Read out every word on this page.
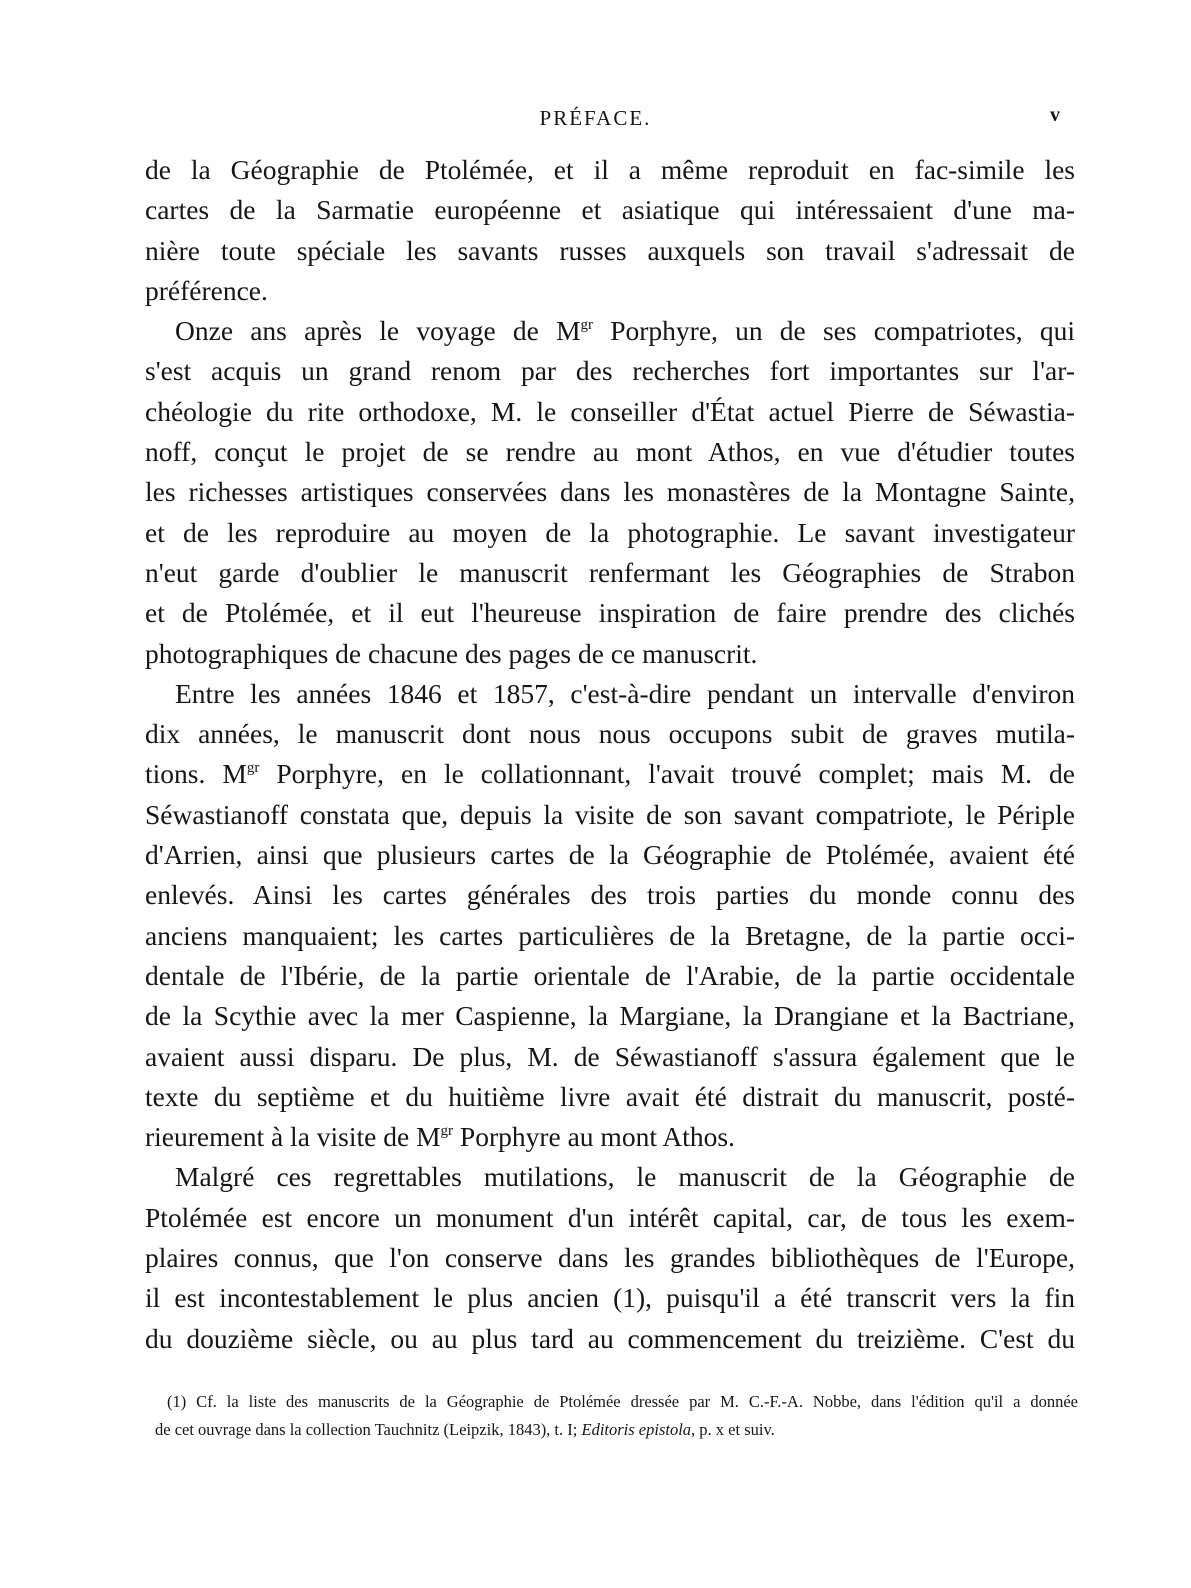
PRÉFACE.	v

de la Géographie de Ptolémée, et il a même reproduit en fac-simile les
cartes de la Sarmatie européenne et asiatique qui intéressaient d'une ma-
nière toute spéciale les savants russes auxquels son travail s'adressait de
préférence.

Onze ans après le voyage de $M^{gr}$ Porphyre, un de ses compatriotes, qui
s'est acquis un grand renom par des recherches fort importantes sur l'ar-
chéologie du rite orthodoxe, M. le conseiller d'État actuel Pierre de Séwastia-
noff, conçut le projet de se rendre au mont Athos, en vue d'étudier toutes
les richesses artistiques conservées dans les monastères de la Montagne Sainte,
et de les reproduire au moyen de la photographie. Le savant investigateur
n'eut garde d'oublier le manuscrit renfermant les Géographies de Strabon
et de Ptolémée, et il eut l'heureuse inspiration de faire prendre des clichés
photographiques de chacune des pages de ce manuscrit.

Entre les années 1846 et 1857, c'est-à-dire pendant un intervalle d'environ
dix années, le manuscrit dont nous nous occupons subit de graves mutila-
tions. $M^{gr}$ Porphyre, en le collationnant, l'avait trouvé complet; mais M. de
Séwastianoff constata que, depuis la visite de son savant compatriote, le Périple
d'Arrien, ainsi que plusieurs cartes de la Géographie de Ptolémée, avaient été
enlevés. Ainsi les cartes générales des trois parties du monde connu des
anciens manquaient; les cartes particulières de la Bretagne, de la partie occi-
dentale de l'Ibérie, de la partie orientale de l'Arabie, de la partie occidentale
de la Scythie avec la mer Caspienne, la Margiane, la Drangiane et la Bactriane,
avaient aussi disparu. De plus, M. de Séwastianoff s'assura également que le
texte du septième et du huitième livre avait été distrait du manuscrit, posté-
rieurement à la visite de $M^{gr}$ Porphyre au mont Athos.

Malgré ces regrettables mutilations, le manuscrit de la Géographie de
Ptolémée est encore un monument d'un intérêt capital, car, de tous les exem-
plaires connus, que l'on conserve dans les grandes bibliothèques de l'Europe,
il est incontestablement le plus ancien (1), puisqu'il a été transcrit vers la fin
du douzième siècle, ou au plus tard au commencement du treizième. C'est du

(1) Cf. la liste des manuscrits de la Géographie de Ptolémée dressée par M. C.-F.-A. Nobbe, dans l'édition qu'il a donnée
de cet ouvrage dans la collection Tauchnitz (Leipzik, 1843), t. I; Editoris epistola, p. x et suiv.
